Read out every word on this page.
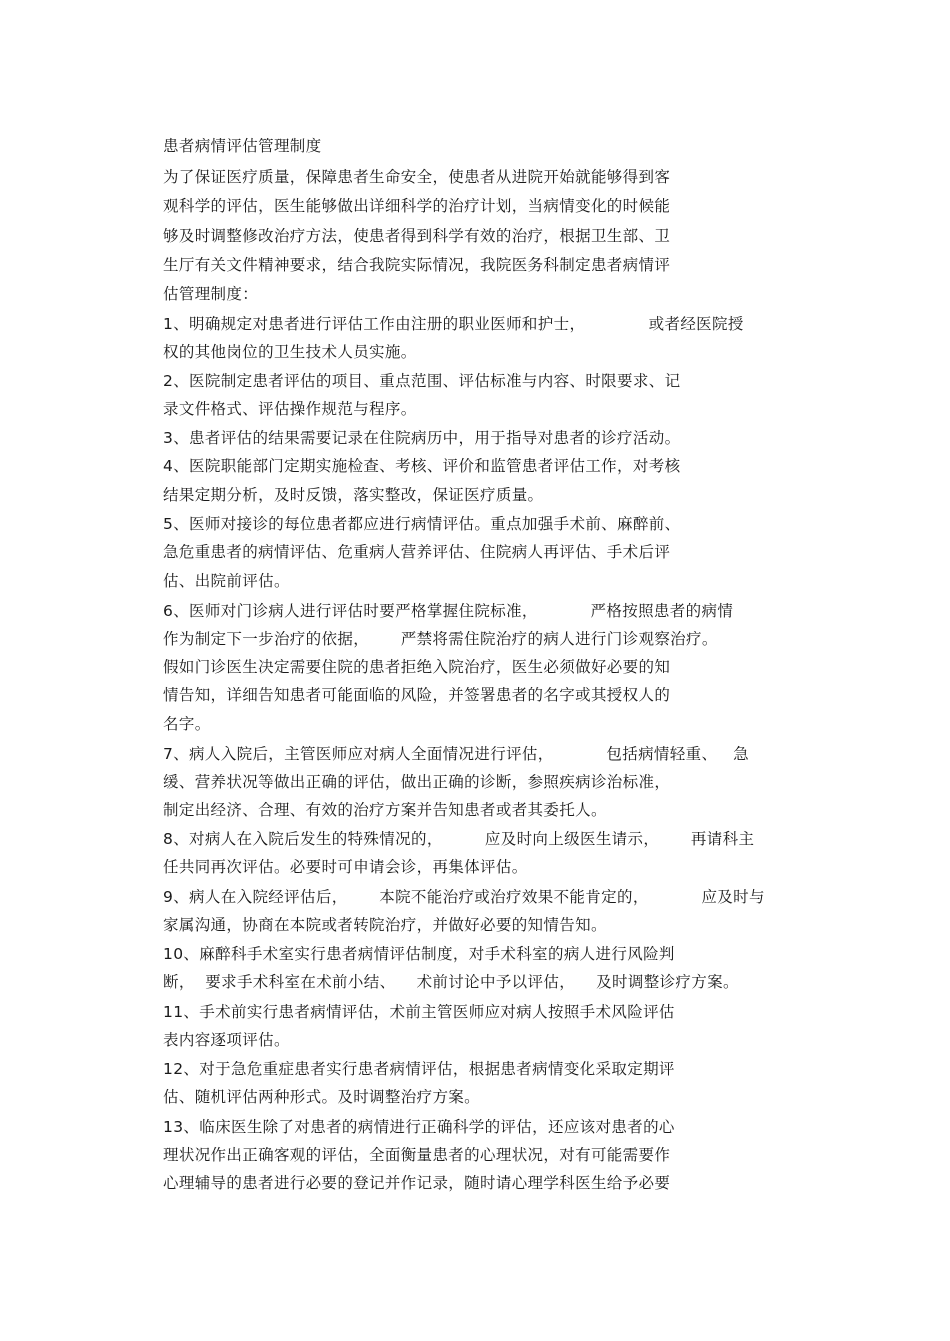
患者病情评估管理制度

为了保证医疗质量，保障患者生命安全，使患者从进院开始就能够得到客

观科学的评估，医生能够做出详细科学的治疗计划，当病情变化的时候能

够及时调整修改治疗方法，使患者得到科学有效的治疗，根据卫生部、卫

生厅有关文件精神要求，结合我院实际情况，我院医务科制定患者病情评

估管理制度：

1、明确规定对患者进行评估工作由注册的职业医师和护士，            或者经医院授

权的其他岗位的卫生技术人员实施。

2、医院制定患者评估的项目、重点范围、评估标准与内容、时限要求、记

录文件格式、评估操作规范与程序。

3、患者评估的结果需要记录在住院病历中，用于指导对患者的诊疗活动。

4、医院职能部门定期实施检查、考核、评价和监管患者评估工作，对考核

结果定期分析，及时反馈，落实整改，保证医疗质量。

5、医师对接诊的每位患者都应进行病情评估。重点加强手术前、麻醉前、

急危重患者的病情评估、危重病人营养评估、住院病人再评估、手术后评

估、出院前评估。

6、医师对门诊病人进行评估时要严格掌握住院标准，          严格按照患者的病情

作为制定下一步治疗的依据，      严禁将需住院治疗的病人进行门诊观察治疗。

假如门诊医生决定需要住院的患者拒绝入院治疗，医生必须做好必要的知

情告知，详细告知患者可能面临的风险，并签署患者的名字或其授权人的

名字。

7、病人入院后，主管医师应对病人全面情况进行评估，          包括病情轻重、   急

缓、营养状况等做出正确的评估，做出正确的诊断，参照疾病诊治标准，

制定出经济、合理、有效的治疗方案并告知患者或者其委托人。

8、对病人在入院后发生的特殊情况的，        应及时向上级医生请示，      再请科主

任共同再次评估。必要时可申请会诊，再集体评估。

9、病人在入院经评估后，      本院不能治疗或治疗效果不能肯定的，          应及时与

家属沟通，协商在本院或者转院治疗，并做好必要的知情告知。

10、麻醉科手术室实行患者病情评估制度，对手术科室的病人进行风险判

断，  要求手术科室在术前小结、    术前讨论中予以评估，    及时调整诊疗方案。

11、手术前实行患者病情评估，术前主管医师应对病人按照手术风险评估

表内容逐项评估。

12、对于急危重症患者实行患者病情评估，根据患者病情变化采取定期评

估、随机评估两种形式。及时调整治疗方案。

13、临床医生除了对患者的病情进行正确科学的评估，还应该对患者的心

理状况作出正确客观的评估，全面衡量患者的心理状况，对有可能需要作

心理辅导的患者进行必要的登记并作记录，随时请心理学科医生给予必要
